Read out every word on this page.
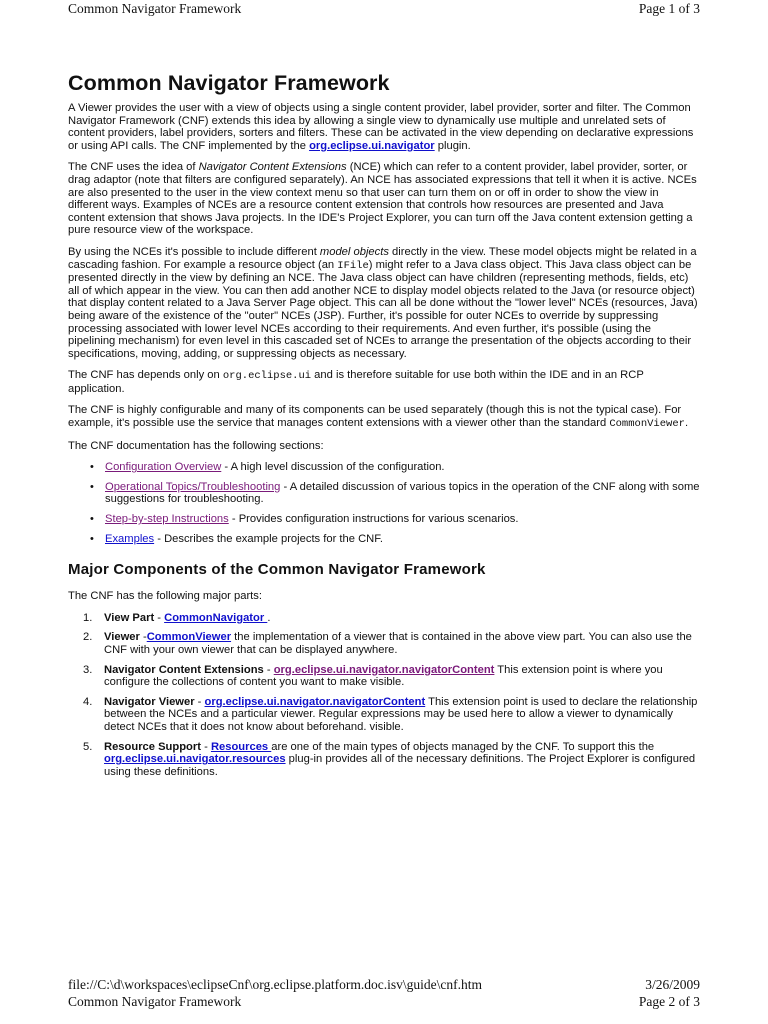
Common Navigator Framework	Page 1 of 3
Common Navigator Framework

A Viewer provides the user with a view of objects using a single content provider, label provider, sorter and filter. The Common Navigator Framework (CNF) extends this idea by allowing a single view to dynamically use multiple and unrelated sets of content providers, label providers, sorters and filters. These can be activated in the view depending on declarative expressions or using API calls. The CNF implemented by the org.eclipse.ui.navigator plugin.

The CNF uses the idea of Navigator Content Extensions (NCE) which can refer to a content provider, label provider, sorter, or drag adaptor (note that filters are configured separately). An NCE has associated expressions that tell it when it is active. NCEs are also presented to the user in the view context menu so that user can turn them on or off in order to show the view in different ways. Examples of NCEs are a resource content extension that controls how resources are presented and Java content extension that shows Java projects. In the IDE's Project Explorer, you can turn off the Java content extension getting a pure resource view of the workspace.

By using the NCEs it's possible to include different model objects directly in the view. These model objects might be related in a cascading fashion. For example a resource object (an IFile) might refer to a Java class object. This Java class object can be presented directly in the view by defining an NCE. The Java class object can have children (representing methods, fields, etc) all of which appear in the view. You can then add another NCE to display model objects related to the Java (or resource object) that display content related to a Java Server Page object. This can all be done without the "lower level" NCEs (resources, Java) being aware of the existence of the "outer" NCEs (JSP). Further, it's possible for outer NCEs to override by suppressing processing associated with lower level NCEs according to their requirements. And even further, it's possible (using the pipelining mechanism) for even level in this cascaded set of NCEs to arrange the presentation of the objects according to their specifications, moving, adding, or suppressing objects as necessary.

The CNF has depends only on org.eclipse.ui and is therefore suitable for use both within the IDE and in an RCP application.

The CNF is highly configurable and many of its components can be used separately (though this is not the typical case). For example, it's possible use the service that manages content extensions with a viewer other than the standard CommonViewer.

The CNF documentation has the following sections:

• Configuration Overview - A high level discussion of the configuration.
• Operational Topics/Troubleshooting - A detailed discussion of various topics in the operation of the CNF along with some suggestions for troubleshooting.
• Step-by-step Instructions - Provides configuration instructions for various scenarios.
• Examples - Describes the example projects for the CNF.
Major Components of the Common Navigator Framework

The CNF has the following major parts:

1. View Part - CommonNavigator .
2. Viewer -CommonViewer the implementation of a viewer that is contained in the above view part. You can also use the CNF with your own viewer that can be displayed anywhere.
3. Navigator Content Extensions - org.eclipse.ui.navigator.navigatorContent This extension point is where you configure the collections of content you want to make visible.
4. Navigator Viewer - org.eclipse.ui.navigator.navigatorContent This extension point is used to declare the relationship between the NCEs and a particular viewer. Regular expressions may be used here to allow a viewer to dynamically detect NCEs that it does not know about beforehand. visible.
5. Resource Support - Resources are one of the main types of objects managed by the CNF. To support this the org.eclipse.ui.navigator.resources plug-in provides all of the necessary definitions. The Project Explorer is configured using these definitions.
file://C:\d\workspaces\eclipseCnf\org.eclipse.platform.doc.isv\guide\cnf.htm	3/26/2009
Common Navigator Framework	Page 2 of 3
